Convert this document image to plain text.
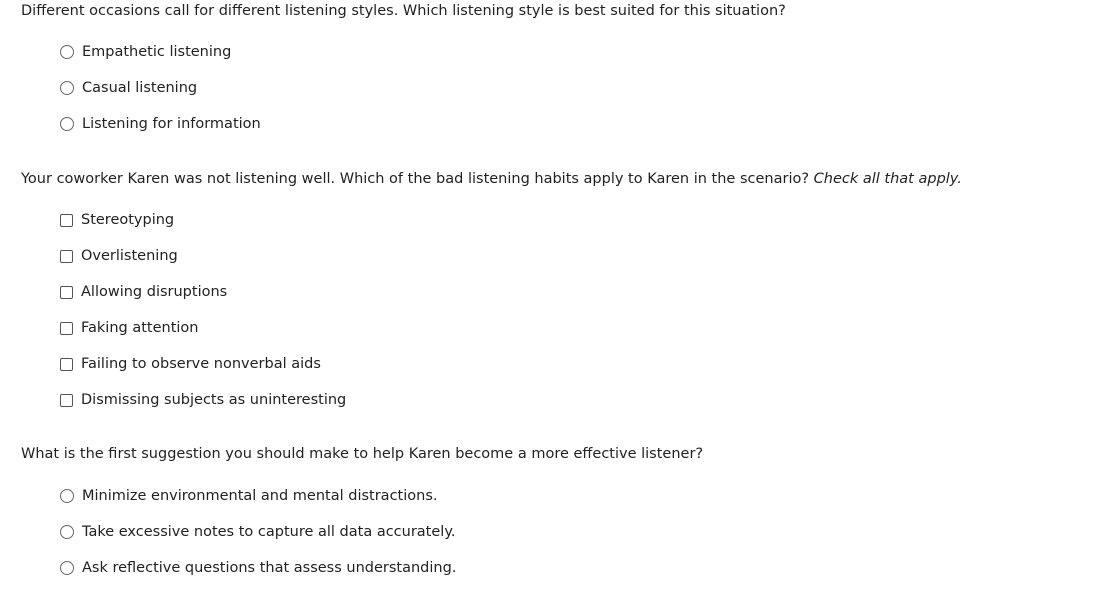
Different occasions call for different listening styles. Which listening style is best suited for this situation?

Empathetic listening
Casual listening
Listening for information

Your coworker Karen was not listening well. Which of the bad listening habits apply to Karen in the scenario? Check all that apply.

Stereotyping
Overlistening
Allowing disruptions
Faking attention
Failing to observe nonverbal aids
Dismissing subjects as uninteresting

What is the first suggestion you should make to help Karen become a more effective listener?

Minimize environmental and mental distractions.
Take excessive notes to capture all data accurately.
Ask reflective questions that assess understanding.
